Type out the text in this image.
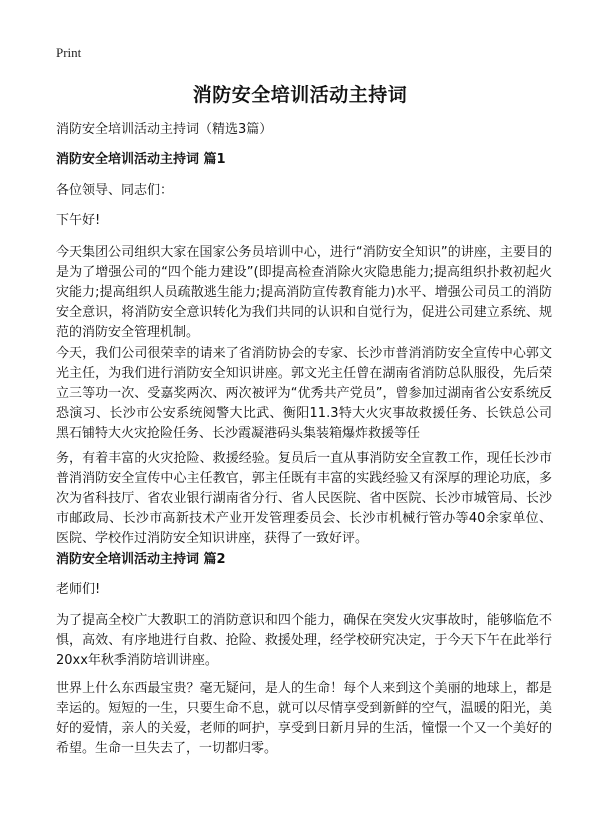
Print
消防安全培训活动主持词
消防安全培训活动主持词（精选3篇）
消防安全培训活动主持词 篇1
各位领导、同志们：
下午好!
今天集团公司组织大家在国家公务员培训中心，进行“消防安全知识”的讲座，主要目的是为了增强公司的“四个能力建设”(即提高检查消除火灾隐患能力;提高组织扑救初起火灾能力;提高组织人员疏散逃生能力;提高消防宣传教育能力)水平、增强公司员工的消防安全意识，将消防安全意识转化为我们共同的认识和自觉行为，促进公司建立系统、规范的消防安全管理机制。
今天，我们公司很荣幸的请来了省消防协会的专家、长沙市普消消防安全宣传中心郭文光主任，为我们进行消防安全知识讲座。郭文光主任曾在湖南省消防总队服役，先后荣立三等功一次、受嘉奖两次、两次被评为“优秀共产党员”，曾参加过湖南省公安系统反恐演习、长沙市公安系统阅警大比武、衡阳11.3特大火灾事故救援任务、长铁总公司黑石铺特大火灾抢险任务、长沙霞凝港码头集装箱爆炸救援等任
务，有着丰富的火灾抢险、救援经验。复员后一直从事消防安全宣教工作，现任长沙市普消消防安全宣传中心主任教官，郭主任既有丰富的实践经验又有深厚的理论功底，多次为省科技厅、省农业银行湖南省分行、省人民医院、省中医院、长沙市城管局、长沙市邮政局、长沙市高新技术产业开发管理委员会、长沙市机械行管办等40余家单位、医院、学校作过消防安全知识讲座，获得了一致好评。
消防安全培训活动主持词 篇2
老师们!
为了提高全校广大教职工的消防意识和四个能力，确保在突发火灾事故时，能够临危不惧，高效、有序地进行自救、抢险、救援处理，经学校研究决定，于今天下午在此举行20xx年秋季消防培训讲座。
世界上什么东西最宝贵？毫无疑问，是人的生命！每个人来到这个美丽的地球上，都是幸运的。短短的一生，只要生命不息，就可以尽情享受到新鲜的空气，温暖的阳光，美好的爱情，亲人的关爱，老师的呵护，享受到日新月异的生活，憧憬一个又一个美好的希望。生命一旦失去了，一切都归零。
